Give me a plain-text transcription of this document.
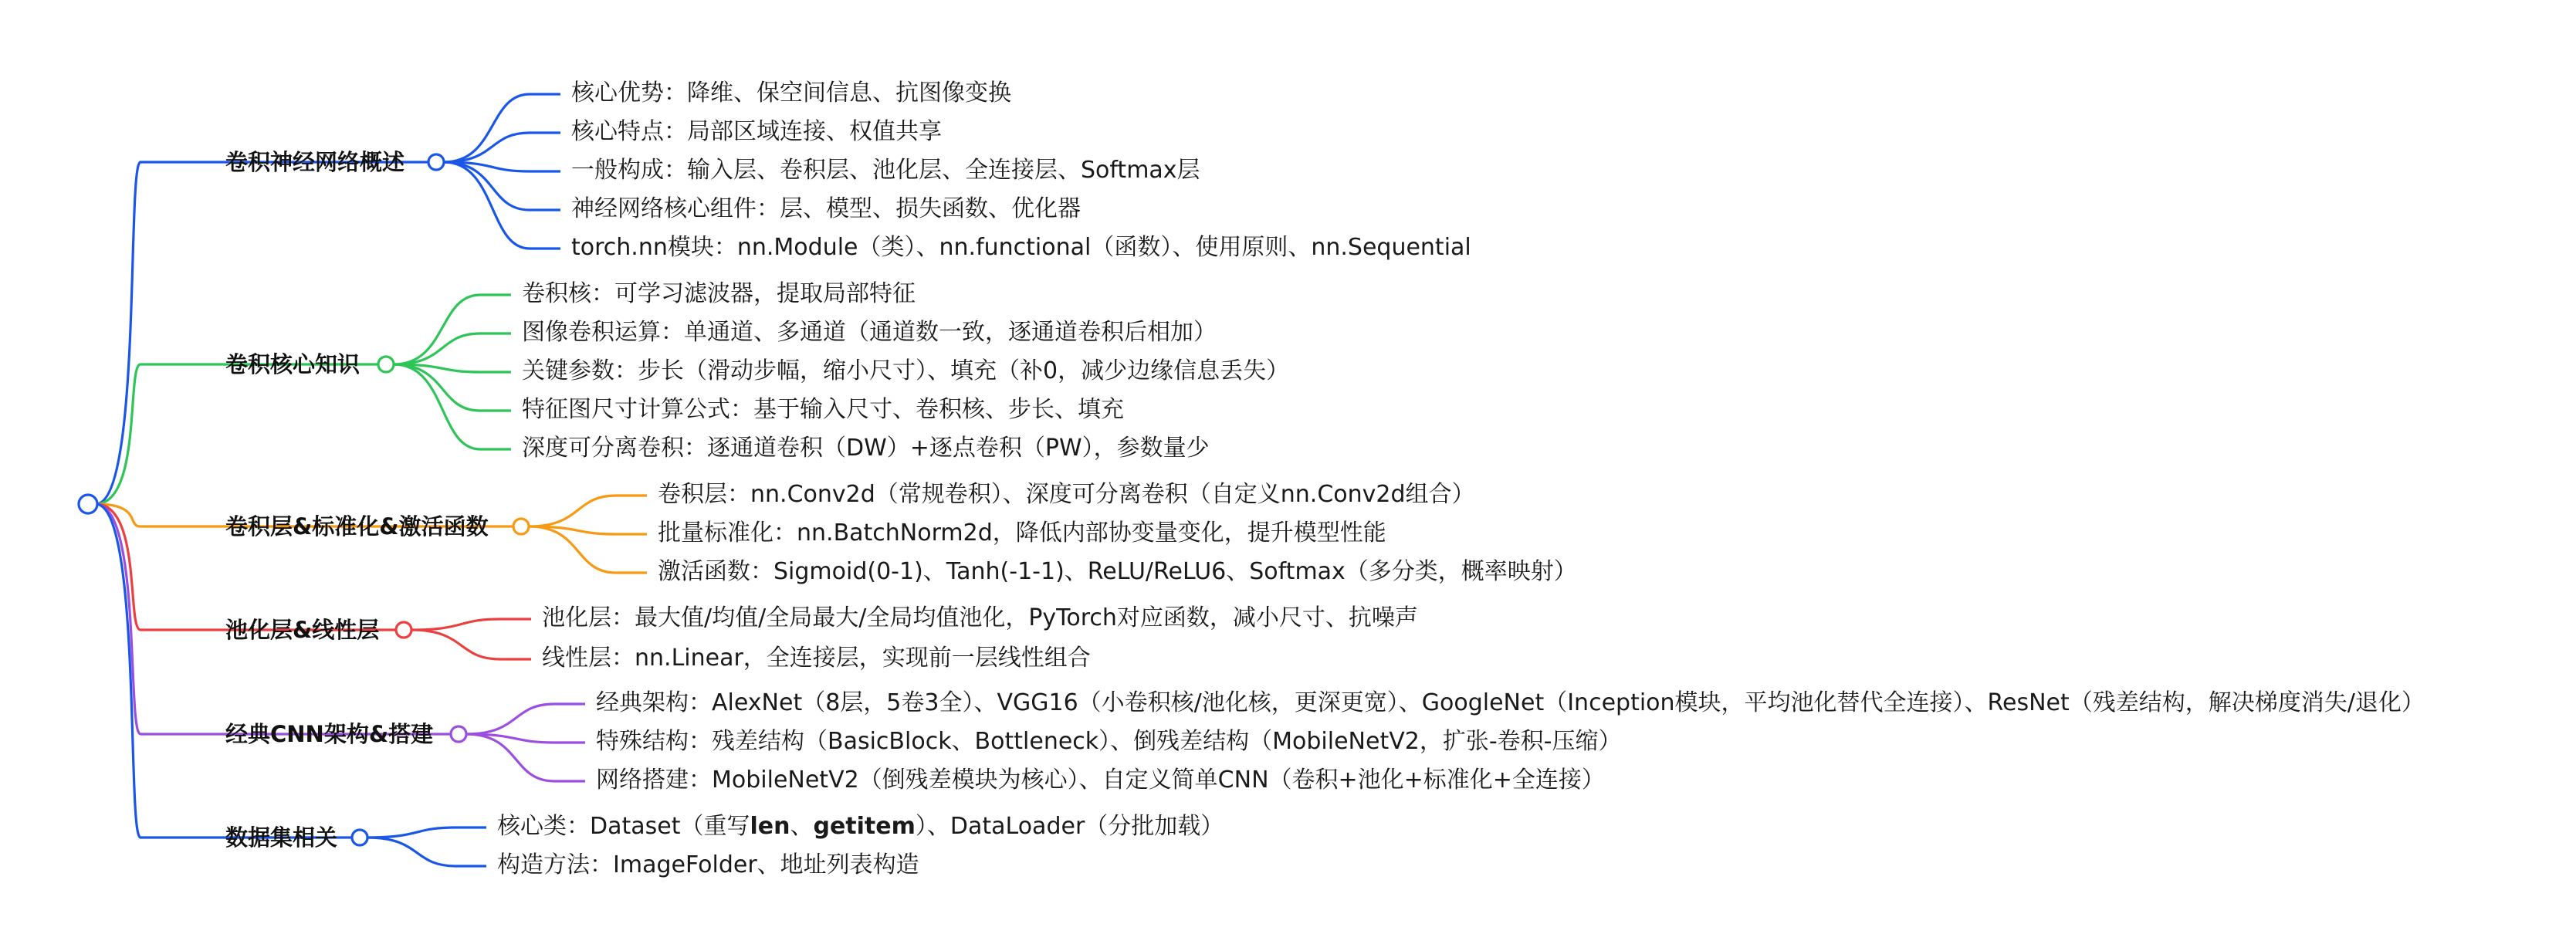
卷积神经网络概述
核心优势：降维、保空间信息、抗图像变换
核心特点：局部区域连接、权值共享
一般构成：输入层、卷积层、池化层、全连接层、Softmax层
神经网络核心组件：层、模型、损失函数、优化器
torch.nn模块：nn.Module（类）、nn.functional（函数）、使用原则、nn.Sequential
卷积核心知识
卷积核：可学习滤波器，提取局部特征
图像卷积运算：单通道、多通道（通道数一致，逐通道卷积后相加）
关键参数：步长（滑动步幅，缩小尺寸）、填充（补0，减少边缘信息丢失）
特征图尺寸计算公式：基于输入尺寸、卷积核、步长、填充
深度可分离卷积：逐通道卷积（DW）+逐点卷积（PW），参数量少
卷积层&标准化&激活函数
卷积层：nn.Conv2d（常规卷积）、深度可分离卷积（自定义nn.Conv2d组合）
批量标准化：nn.BatchNorm2d，降低内部协变量变化，提升模型性能
激活函数：Sigmoid(0-1)、Tanh(-1-1)、ReLU/ReLU6、Softmax（多分类，概率映射）
池化层&线性层	池化层：最大值/均值/全局最大/全局均值池化，PyTorch对应函数，减小尺寸、抗噪声
线性层：nn.Linear，全连接层，实现前一层线性组合
经典CNN架构&搭建
经典架构：AlexNet（8层，5卷3全）、VGG16（小卷积核/池化核，更深更宽）、GoogleNet（Inception模块，平均池化替代全连接）、ResNet（残差结构，解决梯度消失/退化）
特殊结构：残差结构（BasicBlock、Bottleneck）、倒残差结构（MobileNetV2，扩张-卷积-压缩）
网络搭建：MobileNetV2（倒残差模块为核心）、自定义简单CNN（卷积+池化+标准化+全连接）
数据集相关	核心类：Dataset（重写len、getitem）、DataLoader（分批加载）
构造方法：ImageFolder、地址列表构造
